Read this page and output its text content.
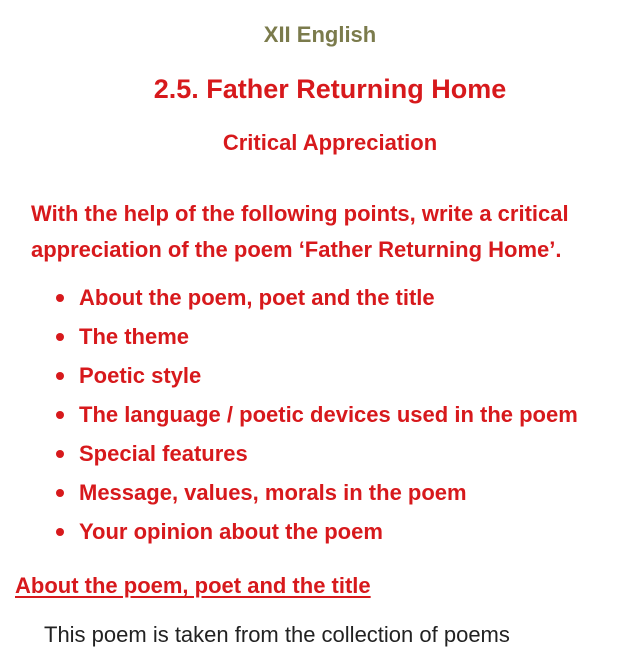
XII English
2.5. Father Returning Home
Critical Appreciation
With the help of the following points, write a critical appreciation of the poem ‘Father Returning Home’.
About the poem, poet and the title
The theme
Poetic style
The language / poetic devices used in the poem
Special features
Message, values, morals in the poem
Your opinion about the poem
About the poem, poet and the title
This poem is taken from the collection of poems
